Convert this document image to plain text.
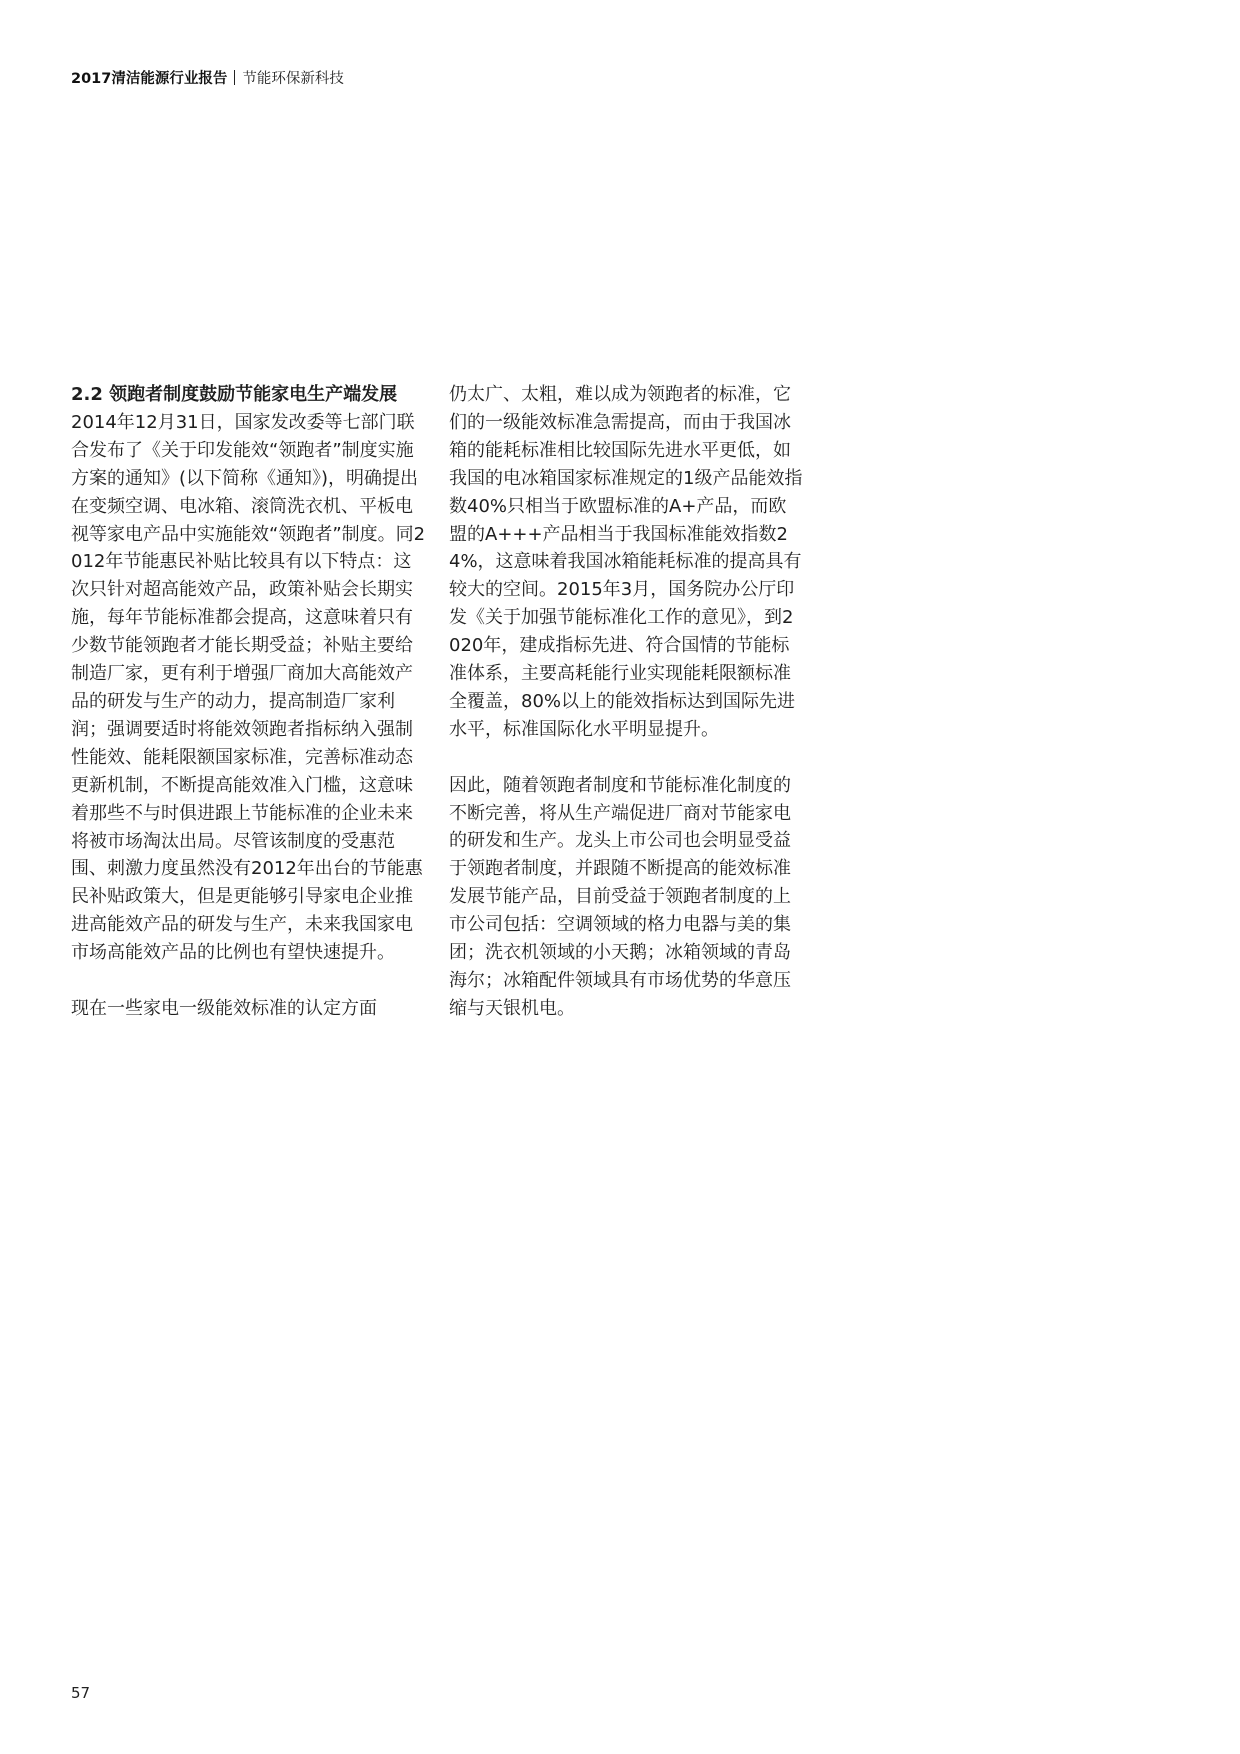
2017清洁能源行业报告 节能环保新科技

2.2 领跑者制度鼓励节能家电生产端发展

2014年12月31日，国家发改委等七部门联合发布了《关于印发能效“领跑者”制度实施方案的通知》(以下简称《通知》)，明确提出在变频空调、电冰箱、滚筒洗衣机、平板电视等家电产品中实施能效“领跑者”制度。同2012年节能惠民补贴比较具有以下特点：这次只针对超高能效产品，政策补贴会长期实施，每年节能标准都会提高，这意味着只有少数节能领跑者才能长期受益；补贴主要给制造厂家，更有利于增强厂商加大高能效产品的研发与生产的动力，提高制造厂家利润；强调要适时将能效领跑者指标纳入强制性能效、能耗限额国家标准，完善标准动态更新机制，不断提高能效准入门槛，这意味着那些不与时俱进跟上节能标准的企业未来将被市场淘汰出局。尽管该制度的受惠范围、刺激力度虽然没有2012年出台的节能惠民补贴政策大，但是更能够引导家电企业推进高能效产品的研发与生产，未来我国家电市场高能效产品的比例也有望快速提升。

现在一些家电一级能效标准的认定方面

仍太广、太粗，难以成为领跑者的标准，它们的一级能效标准急需提高，而由于我国冰箱的能耗标准相比较国际先进水平更低，如我国的电冰箱国家标准规定的1级产品能效指数40%只相当于欧盟标准的A+产品，而欧盟的A+++产品相当于我国标准能效指数24%，这意味着我国冰箱能耗标准的提高具有较大的空间。2015年3月，国务院办公厅印发《关于加强节能标准化工作的意见》，到2020年，建成指标先进、符合国情的节能标准体系，主要高耗能行业实现能耗限额标准全覆盖，80%以上的能效指标达到国际先进水平，标准国际化水平明显提升。

因此，随着领跑者制度和节能标准化制度的不断完善，将从生产端促进厂商对节能家电的研发和生产。龙头上市公司也会明显受益于领跑者制度，并跟随不断提高的能效标准发展节能产品，目前受益于领跑者制度的上市公司包括：空调领域的格力电器与美的集团；洗衣机领域的小天鹅；冰箱领域的青岛海尔；冰箱配件领域具有市场优势的华意压缩与天银机电。

57
